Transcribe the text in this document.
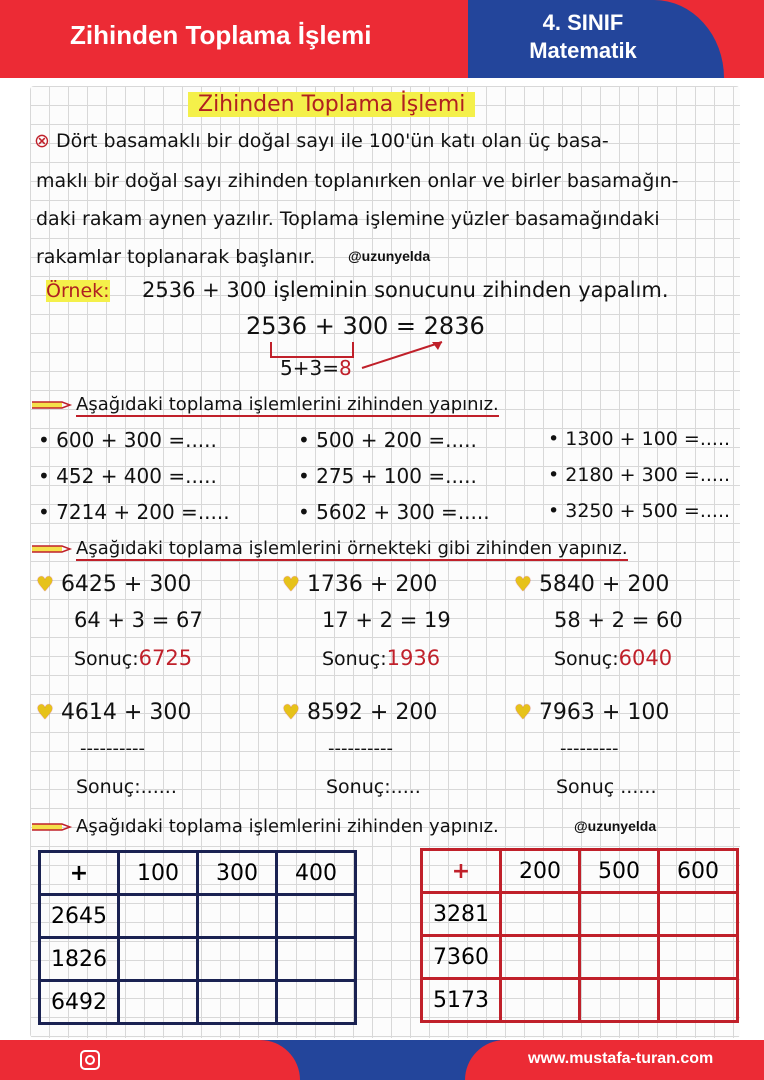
Zihinden Toplama İşlemi	4. SINIF
Matematik
Zihinden Toplama İşlemi
⊗ Dört basamaklı bir doğal sayı ile 100'ün katı olan üç basa-
maklı bir doğal sayı zihinden toplanırken onlar ve birler basamağın-
daki rakam aynen yazılır. Toplama işlemine yüzler basamağındaki
rakamlar toplanarak başlanır. @uzunyelda
Örnek: 2536 + 300 işleminin sonucunu zihinden yapalım.
2536 + 300 = 2836
5+3=8
Aşağıdaki toplama işlemlerini zihinden yapınız.
• 600 + 300 =.....	• 500 + 200 =.....	• 1300 + 100 =.....
• 452 + 400 =.....	• 275 + 100 =.....	• 2180 + 300 =.....
• 7214 + 200 =.....	• 5602 + 300 =.....	• 3250 + 500 =.....
Aşağıdaki toplama işlemlerini örnekteki gibi zihinden yapınız.
♥ 6425 + 300
64 + 3 = 67
Sonuç:6725
♥ 1736 + 200
17 + 2 = 19
Sonuç:1936
♥ 5840 + 200
58 + 2 = 60
Sonuç:6040
♥ 4614 + 300
----------
Sonuç:......
♥ 8592 + 200
----------
Sonuç:.....
♥ 7963 + 100
---------
Sonuç ......
Aşağıdaki toplama işlemlerini zihinden yapınız.	@uzunyelda
+	100	300	400
2645			
1826			
6492			
+	200	500	600
3281			
7360			
5173			
www.mustafa-turan.com
